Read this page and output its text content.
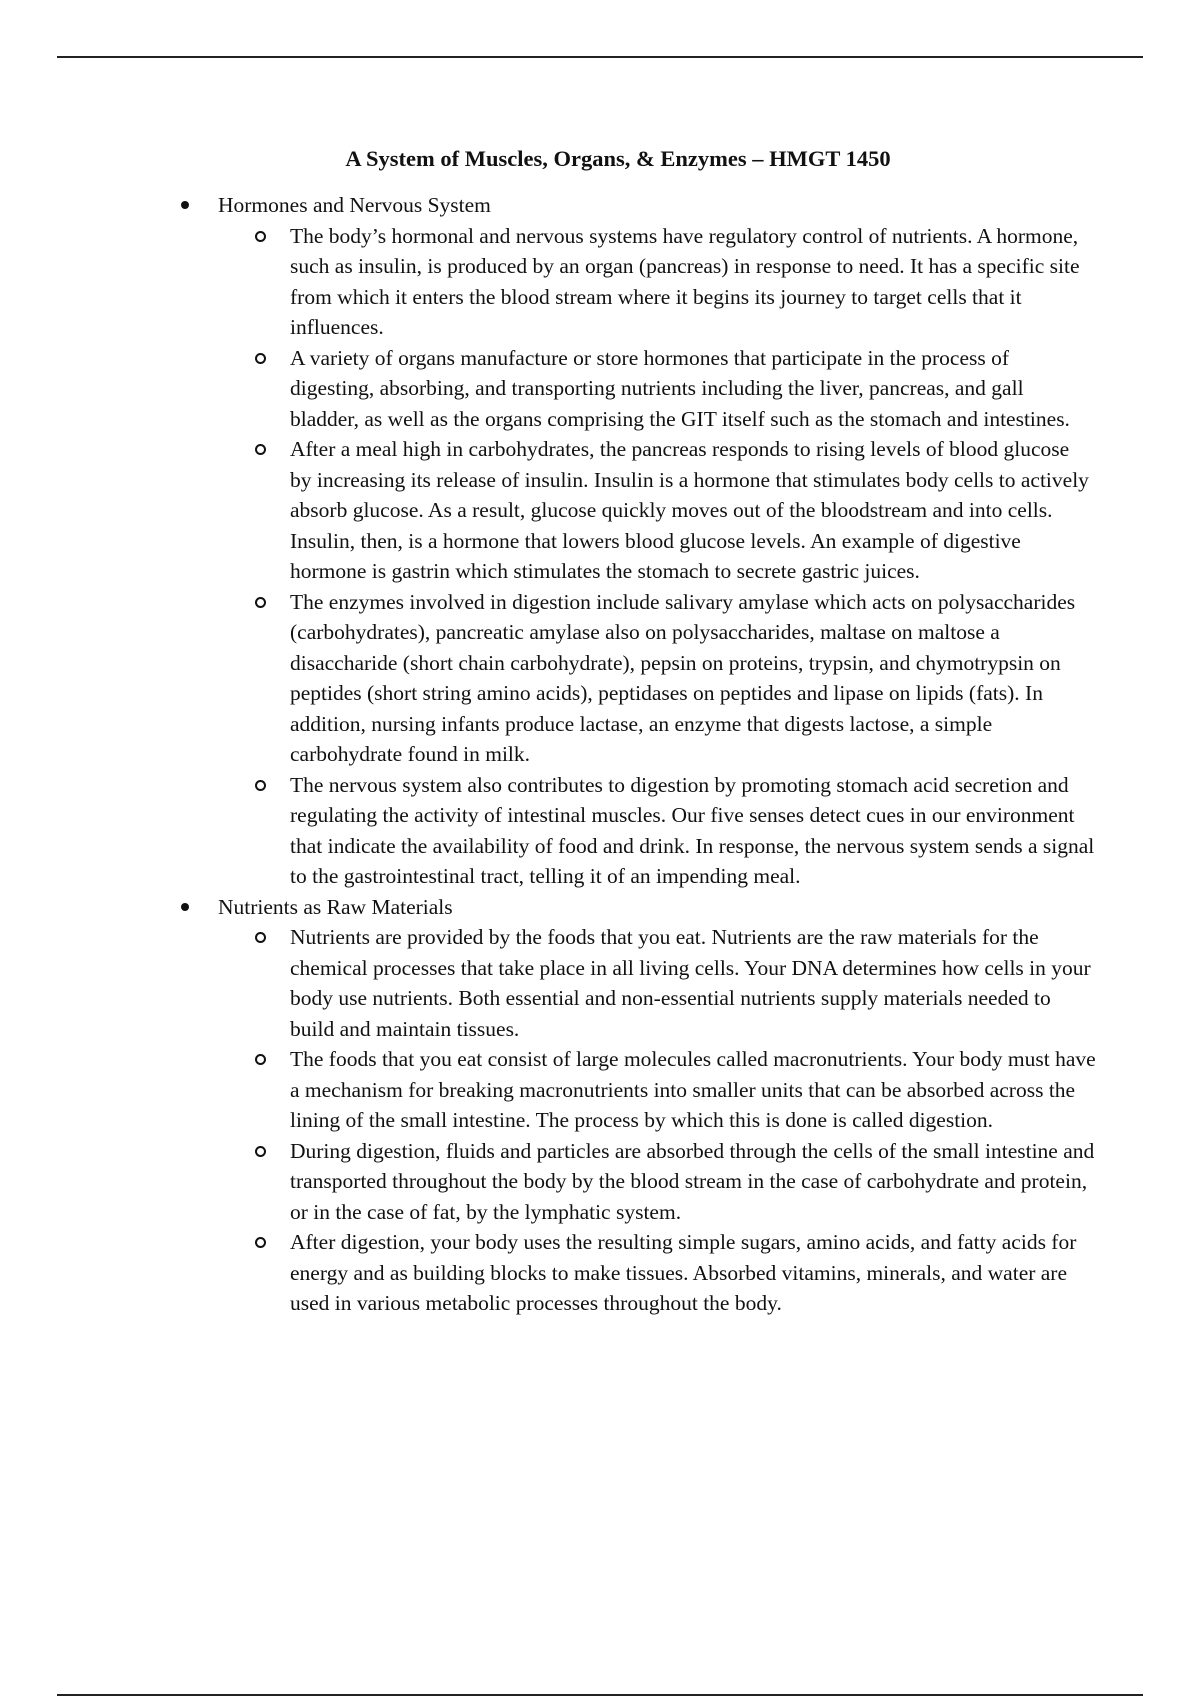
A System of Muscles, Organs, & Enzymes – HMGT 1450
Hormones and Nervous System
The body’s hormonal and nervous systems have regulatory control of nutrients. A hormone, such as insulin, is produced by an organ (pancreas) in response to need. It has a specific site from which it enters the blood stream where it begins its journey to target cells that it influences.
A variety of organs manufacture or store hormones that participate in the process of digesting, absorbing, and transporting nutrients including the liver, pancreas, and gall bladder, as well as the organs comprising the GIT itself such as the stomach and intestines.
After a meal high in carbohydrates, the pancreas responds to rising levels of blood glucose by increasing its release of insulin. Insulin is a hormone that stimulates body cells to actively absorb glucose. As a result, glucose quickly moves out of the bloodstream and into cells. Insulin, then, is a hormone that lowers blood glucose levels. An example of digestive hormone is gastrin which stimulates the stomach to secrete gastric juices.
The enzymes involved in digestion include salivary amylase which acts on polysaccharides (carbohydrates), pancreatic amylase also on polysaccharides, maltase on maltose a disaccharide (short chain carbohydrate), pepsin on proteins, trypsin, and chymotrypsin on peptides (short string amino acids), peptidases on peptides and lipase on lipids (fats). In addition, nursing infants produce lactase, an enzyme that digests lactose, a simple carbohydrate found in milk.
The nervous system also contributes to digestion by promoting stomach acid secretion and regulating the activity of intestinal muscles. Our five senses detect cues in our environment that indicate the availability of food and drink. In response, the nervous system sends a signal to the gastrointestinal tract, telling it of an impending meal.
Nutrients as Raw Materials
Nutrients are provided by the foods that you eat. Nutrients are the raw materials for the chemical processes that take place in all living cells. Your DNA determines how cells in your body use nutrients. Both essential and non-essential nutrients supply materials needed to build and maintain tissues.
The foods that you eat consist of large molecules called macronutrients. Your body must have a mechanism for breaking macronutrients into smaller units that can be absorbed across the lining of the small intestine. The process by which this is done is called digestion.
During digestion, fluids and particles are absorbed through the cells of the small intestine and transported throughout the body by the blood stream in the case of carbohydrate and protein, or in the case of fat, by the lymphatic system.
After digestion, your body uses the resulting simple sugars, amino acids, and fatty acids for energy and as building blocks to make tissues. Absorbed vitamins, minerals, and water are used in various metabolic processes throughout the body.
